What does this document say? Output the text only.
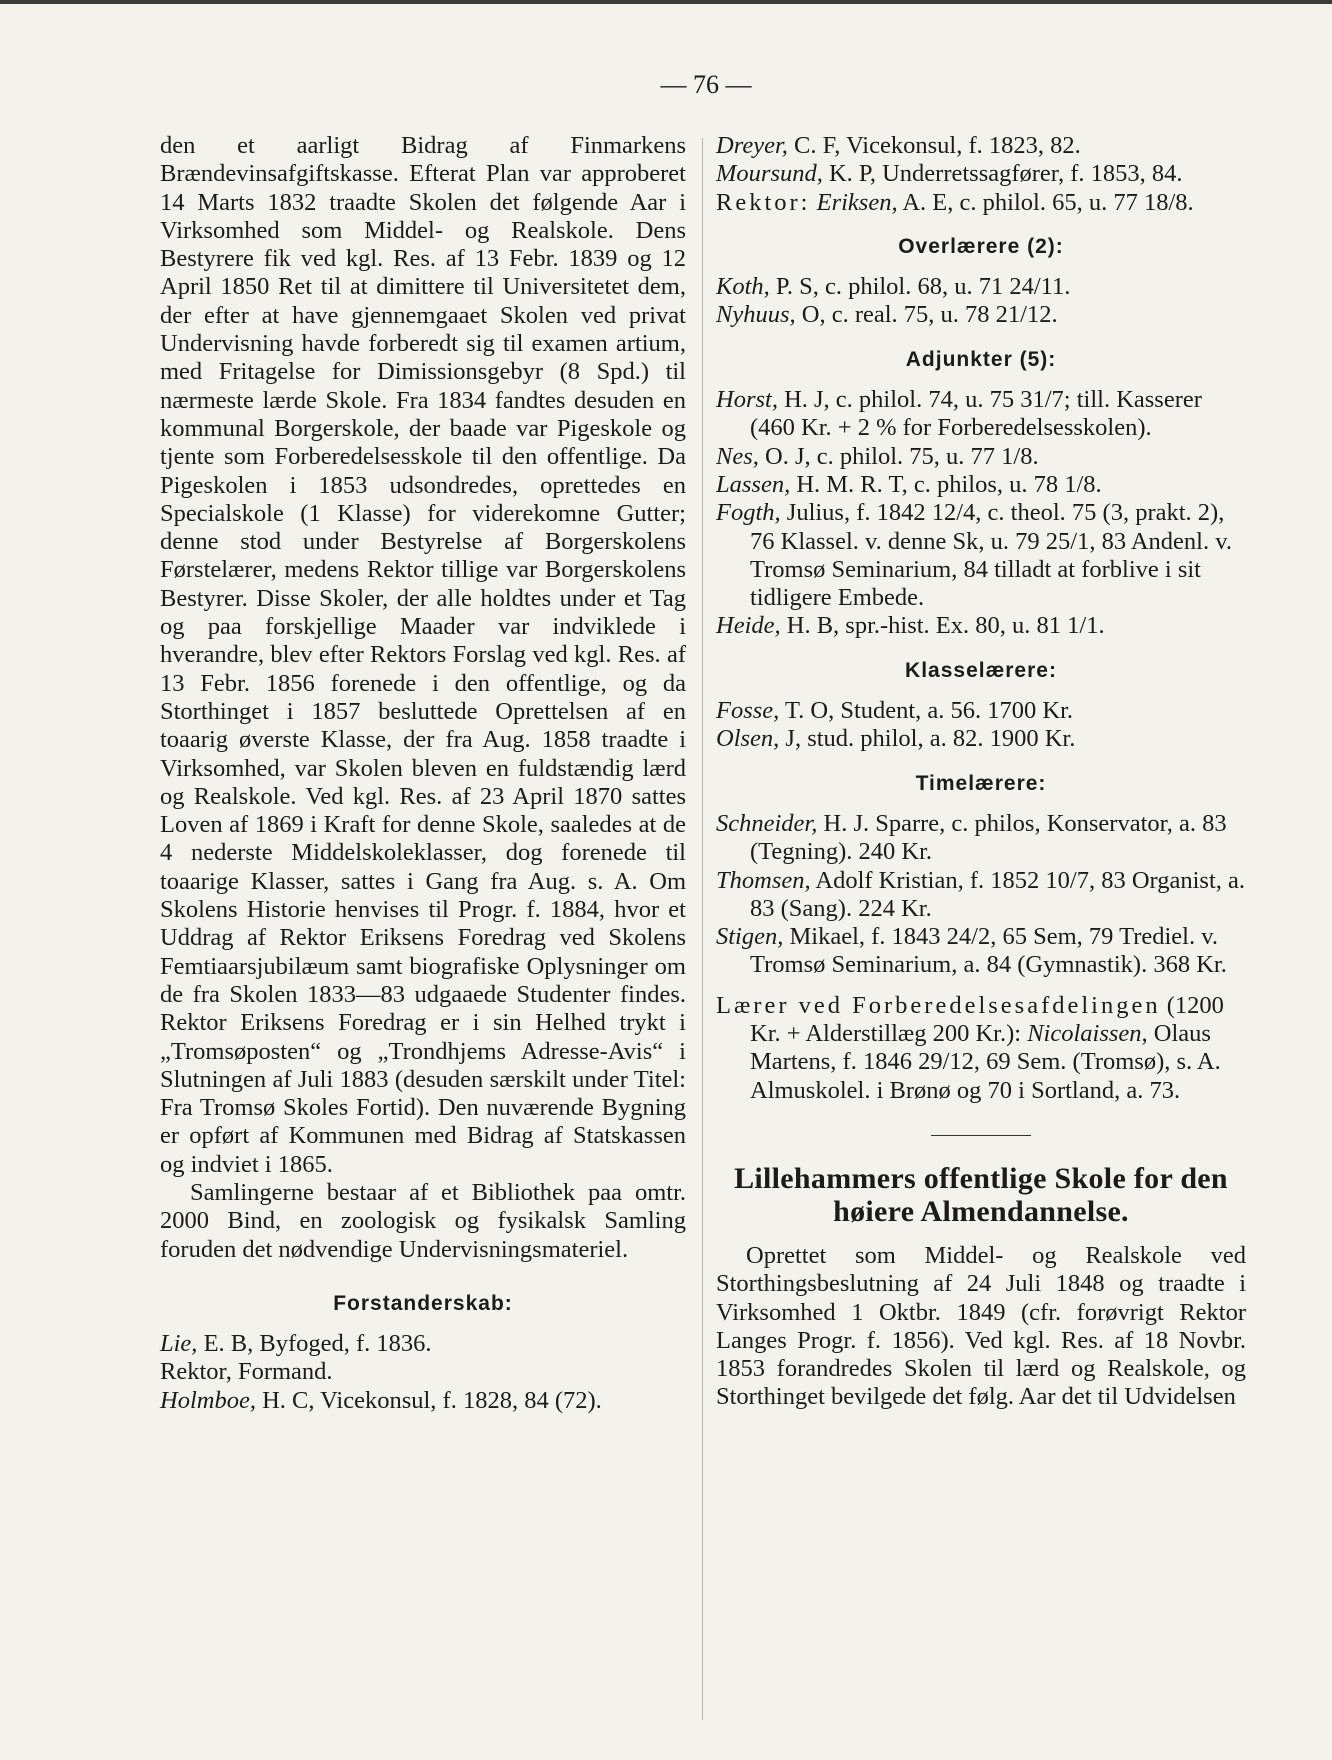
— 76 —

den et aarligt Bidrag af Finmarkens Brændevinsafgiftskasse. Efterat Plan var approberet 14 Marts 1832 traadte Skolen det følgende Aar i Virksomhed som Middel- og Realskole. Dens Bestyrere fik ved kgl. Res. af 13 Febr. 1839 og 12 April 1850 Ret til at dimittere til Universitetet dem, der efter at have gjennemgaaet Skolen ved privat Undervisning havde forberedt sig til examen artium, med Fritagelse for Dimissionsgebyr (8 Spd.) til nærmeste lærde Skole. Fra 1834 fandtes desuden en kommunal Borgerskole, der baade var Pigeskole og tjente som Forberedelsesskole til den offentlige. Da Pigeskolen i 1853 udsondredes, oprettedes en Specialskole (1 Klasse) for viderekomne Gutter; denne stod under Bestyrelse af Borgerskolens Førstelærer, medens Rektor tillige var Borgerskolens Bestyrer. Disse Skoler, der alle holdtes under et Tag og paa forskjellige Maader var indviklede i hverandre, blev efter Rektors Forslag ved kgl. Res. af 13 Febr. 1856 forenede i den offentlige, og da Storthinget i 1857 besluttede Oprettelsen af en toaarig øverste Klasse, der fra Aug. 1858 traadte i Virksomhed, var Skolen bleven en fuldstændig lærd og Realskole. Ved kgl. Res. af 23 April 1870 sattes Loven af 1869 i Kraft for denne Skole, saaledes at de 4 nederste Middelskoleklasser, dog forenede til toaarige Klasser, sattes i Gang fra Aug. s. A. Om Skolens Historie henvises til Progr. f. 1884, hvor et Uddrag af Rektor Eriksens Foredrag ved Skolens Femtiaarsjubilæum samt biografiske Oplysninger om de fra Skolen 1833—83 udgaaede Studenter findes. Rektor Eriksens Foredrag er i sin Helhed trykt i „Tromsøposten“ og „Trondhjems Adresse-Avis“ i Slutningen af Juli 1883 (desuden særskilt under Titel: Fra Tromsø Skoles Fortid). Den nuværende Bygning er opført af Kommunen med Bidrag af Statskassen og indviet i 1865.

Samlingerne bestaar af et Bibliothek paa omtr. 2000 Bind, en zoologisk og fysikalsk Samling foruden det nødvendige Undervisningsmateriel.

Forstanderskab:

Lie, E. B, Byfoged, f. 1836.

Rektor, Formand.

Holmboe, H. C, Vicekonsul, f. 1828, 84 (72).

Dreyer, C. F, Vicekonsul, f. 1823, 82.

Moursund, K. P, Underretssagfører, f. 1853, 84.

Rektor: Eriksen, A. E, c. philol. 65, u. 77 18/8.

Overlærere (2):

Koth, P. S, c. philol. 68, u. 71 24/11.

Nyhuus, O, c. real. 75, u. 78 21/12.

Adjunkter (5):

Horst, H. J, c. philol. 74, u. 75 31/7; till. Kasserer (460 Kr. + 2 % for Forberedelsesskolen).

Nes, O. J, c. philol. 75, u. 77 1/8.

Lassen, H. M. R. T, c. philos, u. 78 1/8.

Fogth, Julius, f. 1842 12/4, c. theol. 75 (3, prakt. 2), 76 Klassel. v. denne Sk, u. 79 25/1, 83 Andenl. v. Tromsø Seminarium, 84 tilladt at forblive i sit tidligere Embede.

Heide, H. B, spr.-hist. Ex. 80, u. 81 1/1.

Klasselærere:

Fosse, T. O, Student, a. 56. 1700 Kr.

Olsen, J, stud. philol, a. 82. 1900 Kr.

Timelærere:

Schneider, H. J. Sparre, c. philos, Konservator, a. 83 (Tegning). 240 Kr.

Thomsen, Adolf Kristian, f. 1852 10/7, 83 Organist, a. 83 (Sang). 224 Kr.

Stigen, Mikael, f. 1843 24/2, 65 Sem, 79 Trediel. v. Tromsø Seminarium, a. 84 (Gymnastik). 368 Kr.

Lærer ved Forberedelsesafdelingen (1200 Kr. + Alderstillæg 200 Kr.): Nicolaissen, Olaus Martens, f. 1846 29/12, 69 Sem. (Tromsø), s. A. Almuskolel. i Brønø og 70 i Sortland, a. 73.

Lillehammers offentlige Skole for den høiere Almendannelse.

Oprettet som Middel- og Realskole ved Storthingsbeslutning af 24 Juli 1848 og traadte i Virksomhed 1 Oktbr. 1849 (cfr. forøvrigt Rektor Langes Progr. f. 1856). Ved kgl. Res. af 18 Novbr. 1853 forandredes Skolen til lærd og Realskole, og Storthinget bevilgede det følg. Aar det til Udvidelsen
